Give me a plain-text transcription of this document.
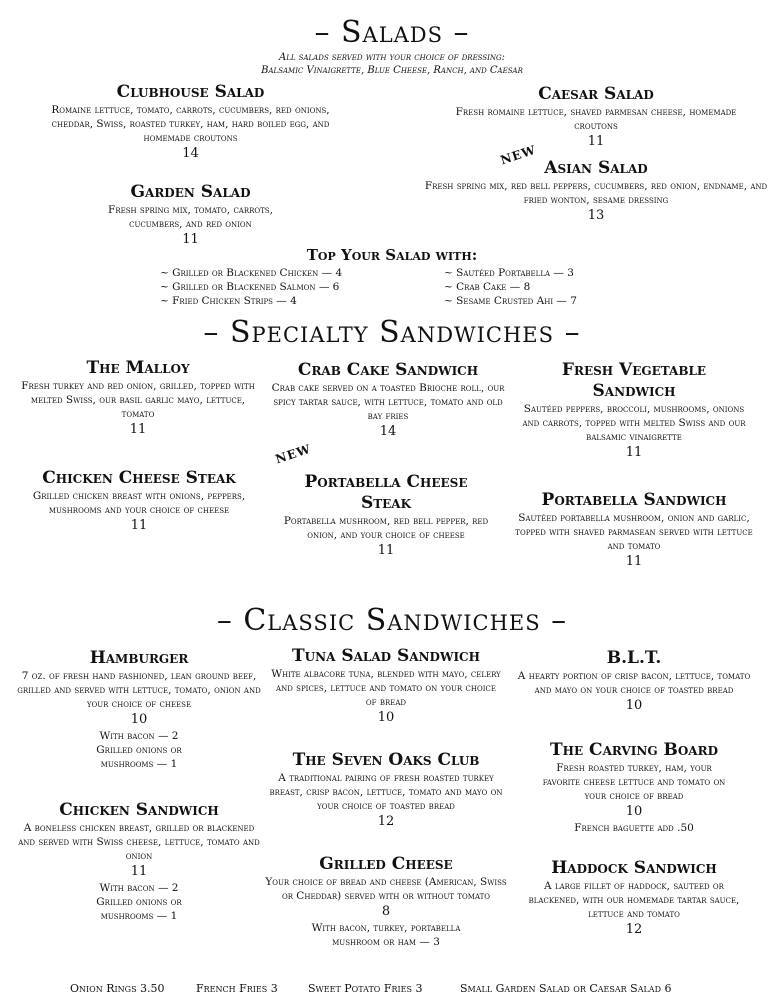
– Salads –
All salads served with your choice of dressing:
Balsamic Vinaigrette, Blue Cheese, Ranch, and Caesar
Clubhouse Salad
Romaine lettuce, tomato, carrots, cucumbers, red onions, cheddar, Swiss, roasted turkey, ham, hard boiled egg, and homemade croutons
14
Garden Salad
Fresh spring mix, tomato, carrots, cucumbers, and red onion
11
Caesar Salad
Fresh romaine lettuce, shaved parmesan cheese, homemade croutons
11
NEW
Asian Salad
Fresh spring mix, red bell peppers, cucumbers, red onion, endname, and fried wonton, sesame dressing
13
Top Your Salad with:
~ Grilled or Blackened Chicken — 4
~ Grilled or Blackened Salmon — 6
~ Fried Chicken Strips — 4
~ Sautéed Portabella — 3
~ Crab Cake — 8
~ Sesame Crusted Ahi — 7
– Specialty Sandwiches –
The Malloy
Fresh turkey and red onion, grilled, topped with melted Swiss, our basil garlic mayo, lettuce, tomato
11
Chicken Cheese Steak
Grilled chicken breast with onions, peppers, mushrooms and your choice of cheese
11
Crab Cake Sandwich
Crab cake served on a toasted Brioche roll, our spicy tartar sauce, with lettuce, tomato and old bay fries
14
NEW
Portabella Cheese Steak
Portabella mushroom, red bell pepper, red onion, and your choice of cheese
11
Fresh Vegetable Sandwich
Sautéed peppers, broccoli, mushrooms, onions and carrots, topped with melted Swiss and our balsamic vinaigrette
11
Portabella Sandwich
Sautéed portabella mushroom, onion and garlic, topped with shaved parmasean served with lettuce and tomato
11
– Classic Sandwiches –
Hamburger
7 oz. of fresh hand fashioned, lean ground beef, grilled and served with lettuce, tomato, onion and your choice of cheese
10
With bacon — 2
Grilled onions or
mushrooms — 1
Chicken Sandwich
A boneless chicken breast, grilled or blackened and served with Swiss cheese, lettuce, tomato and onion
11
With bacon — 2
Grilled onions or
mushrooms — 1
Tuna Salad Sandwich
White albacore tuna, blended with mayo, celery and spices, lettuce and tomato on your choice of bread
10
The Seven Oaks Club
A traditional pairing of fresh roasted turkey breast, crisp bacon, lettuce, tomato and mayo on your choice of toasted bread
12
Grilled Cheese
Your choice of bread and cheese (American, Swiss or Cheddar) served with or without tomato
8
With bacon, turkey, portabella
mushroom or ham — 3
B.L.T.
A hearty portion of crisp bacon, lettuce, tomato and mayo on your choice of toasted bread
10
The Carving Board
Fresh roasted turkey, ham, your favorite cheese lettuce and tomato on your choice of bread
10
French baguette add .50
Haddock Sandwich
A large fillet of haddock, sauteed or blackened, with our homemade tartar sauce, lettuce and tomato
12
Onion Rings 3.50	French Fries 3	Sweet Potato Fries 3	Small Garden Salad or Caesar Salad 6
